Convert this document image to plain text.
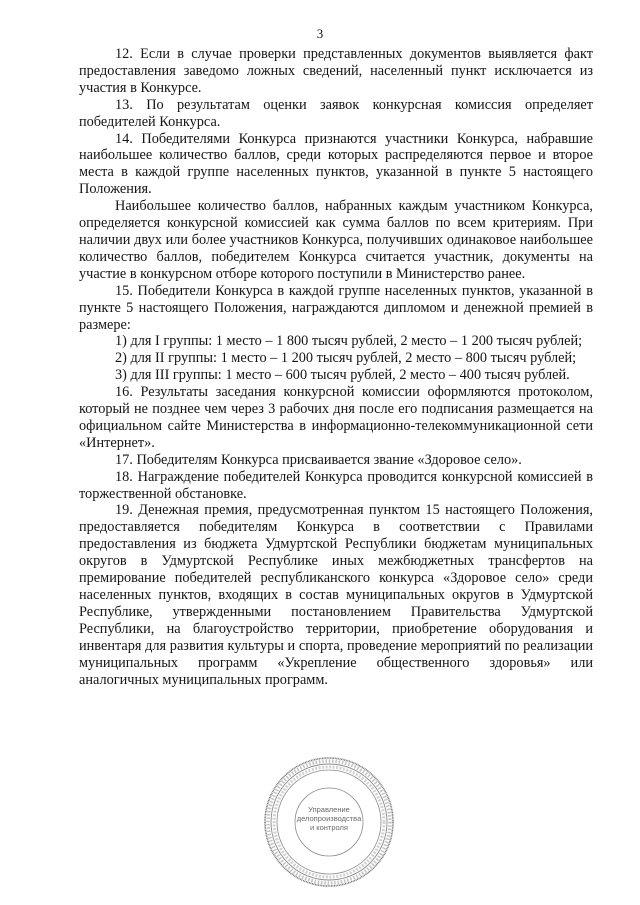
3

12. Если в случае проверки представленных документов выявляется факт предоставления заведомо ложных сведений, населенный пункт исключается из участия в Конкурсе.

13. По результатам оценки заявок конкурсная комиссия определяет победителей Конкурса.

14. Победителями Конкурса признаются участники Конкурса, набравшие наибольшее количество баллов, среди которых распределяются первое и второе места в каждой группе населенных пунктов, указанной в пункте 5 настоящего Положения.

Наибольшее количество баллов, набранных каждым участником Конкурса, определяется конкурсной комиссией как сумма баллов по всем критериям. При наличии двух или более участников Конкурса, получивших одинаковое наибольшее количество баллов, победителем Конкурса считается участник, документы на участие в конкурсном отборе которого поступили в Министерство ранее.

15. Победители Конкурса в каждой группе населенных пунктов, указанной в пункте 5 настоящего Положения, награждаются дипломом и денежной премией в размере:

1) для I группы: 1 место – 1 800 тысяч рублей, 2 место – 1 200 тысяч рублей;

2) для II группы: 1 место – 1 200 тысяч рублей, 2 место – 800 тысяч рублей;

3) для III группы: 1 место – 600 тысяч рублей, 2 место – 400 тысяч рублей.

16. Результаты заседания конкурсной комиссии оформляются протоколом, который не позднее чем через 3 рабочих дня после его подписания размещается на официальном сайте Министерства в информационно-телекоммуникационной сети «Интернет».

17. Победителям Конкурса присваивается звание «Здоровое село».

18. Награждение победителей Конкурса проводится конкурсной комиссией в торжественной обстановке.

19. Денежная премия, предусмотренная пунктом 15 настоящего Положения, предоставляется победителям Конкурса в соответствии с Правилами предоставления из бюджета Удмуртской Республики бюджетам муниципальных округов в Удмуртской Республике иных межбюджетных трансфертов на премирование победителей республиканского конкурса «Здоровое село» среди населенных пунктов, входящих в состав муниципальных округов в Удмуртской Республике, утвержденными постановлением Правительства Удмуртской Республики, на благоустройство территории, приобретение оборудования и инвентаря для развития культуры и спорта, проведение мероприятий по реализации муниципальных программ «Укрепление общественного здоровья» или аналогичных муниципальных программ.

Управление
делопроизводства
и контроля
